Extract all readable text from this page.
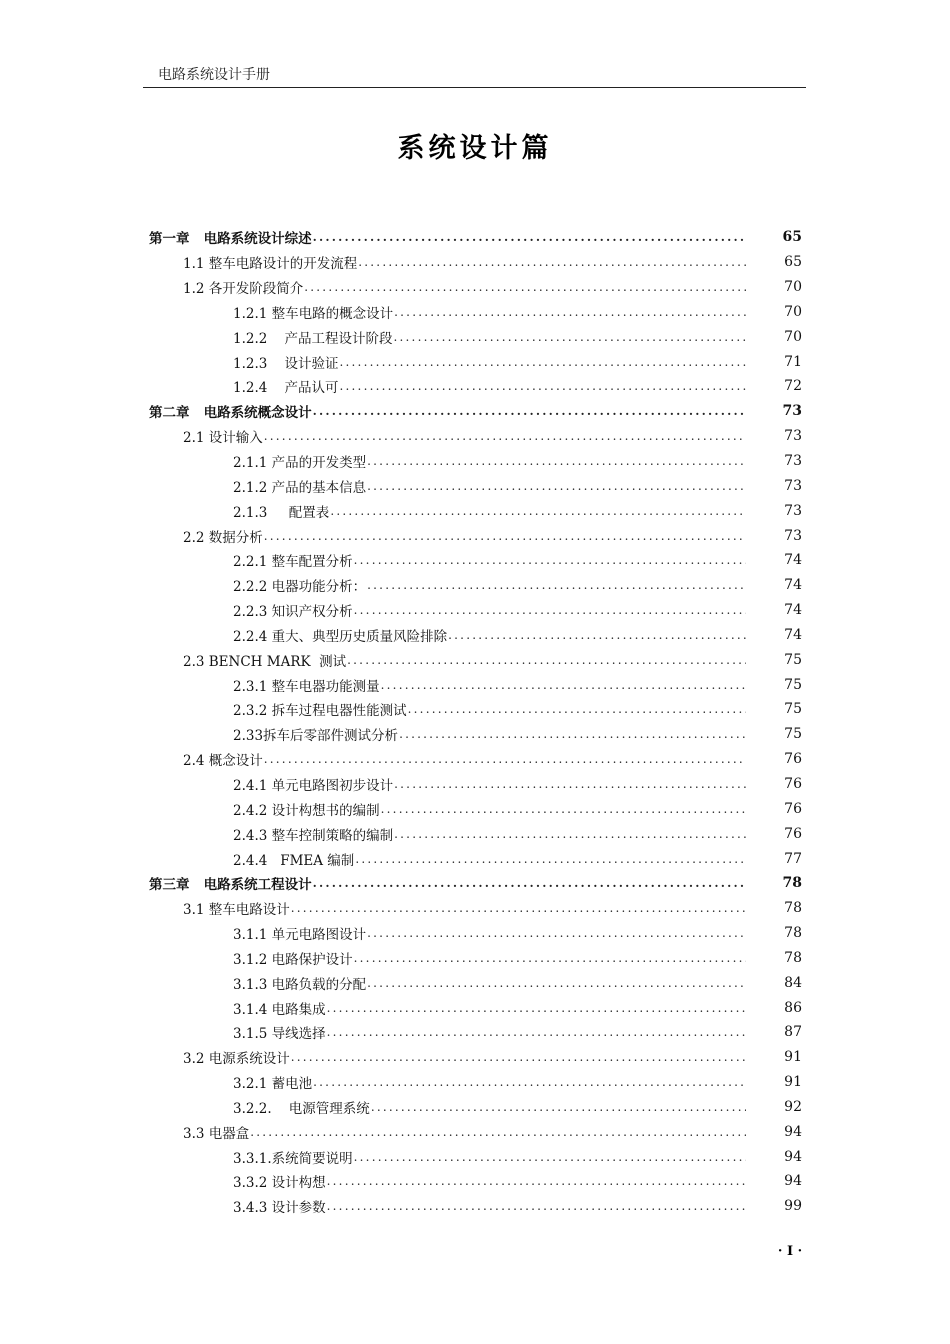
电路系统设计手册
系统设计篇
第一章   电路系统设计综述 .....	65
1.1 整车电路设计的开发流程 .....	65
1.2 各开发阶段简介 .....	70
1.2.1 整车电路的概念设计 .....	70
1.2.2    产品工程设计阶段 .....	70
1.2.3    设计验证 .....	71
1.2.4    产品认可 .....	72
第二章   电路系统概念设计 .....	73
2.1 设计输入 .....	73
2.1.1 产品的开发类型 .....	73
2.1.2 产品的基本信息 .....	73
2.1.3     配置表 .....	73
2.2 数据分析 .....	73
2.2.1 整车配置分析 .....	74
2.2.2 电器功能分析： .....	74
2.2.3 知识产权分析 .....	74
2.2.4 重大、典型历史质量风险排除 .....	74
2.3 BENCH MARK  测试 .....	75
2.3.1 整车电器功能测量 .....	75
2.3.2 拆车过程电器性能测试 .....	75
2.33拆车后零部件测试分析 .....	75
2.4 概念设计 .....	76
2.4.1 单元电路图初步设计 .....	76
2.4.2 设计构想书的编制 .....	76
2.4.3 整车控制策略的编制 .....	76
2.4.4   FMEA 编制 .....	77
第三章   电路系统工程设计 .....	78
3.1 整车电路设计 .....	78
3.1.1 单元电路图设计 .....	78
3.1.2 电路保护设计 .....	78
3.1.3 电路负载的分配 .....	84
3.1.4 电路集成 .....	86
3.1.5 导线选择 .....	87
3.2 电源系统设计 .....	91
3.2.1 蓄电池 .....	91
3.2.2.    电源管理系统 .....	92
3.3 电器盒 .....	94
3.3.1.系统简要说明 .....	94
3.3.2 设计构想 .....	94
3.4.3 设计参数 .....	99
· I ·
